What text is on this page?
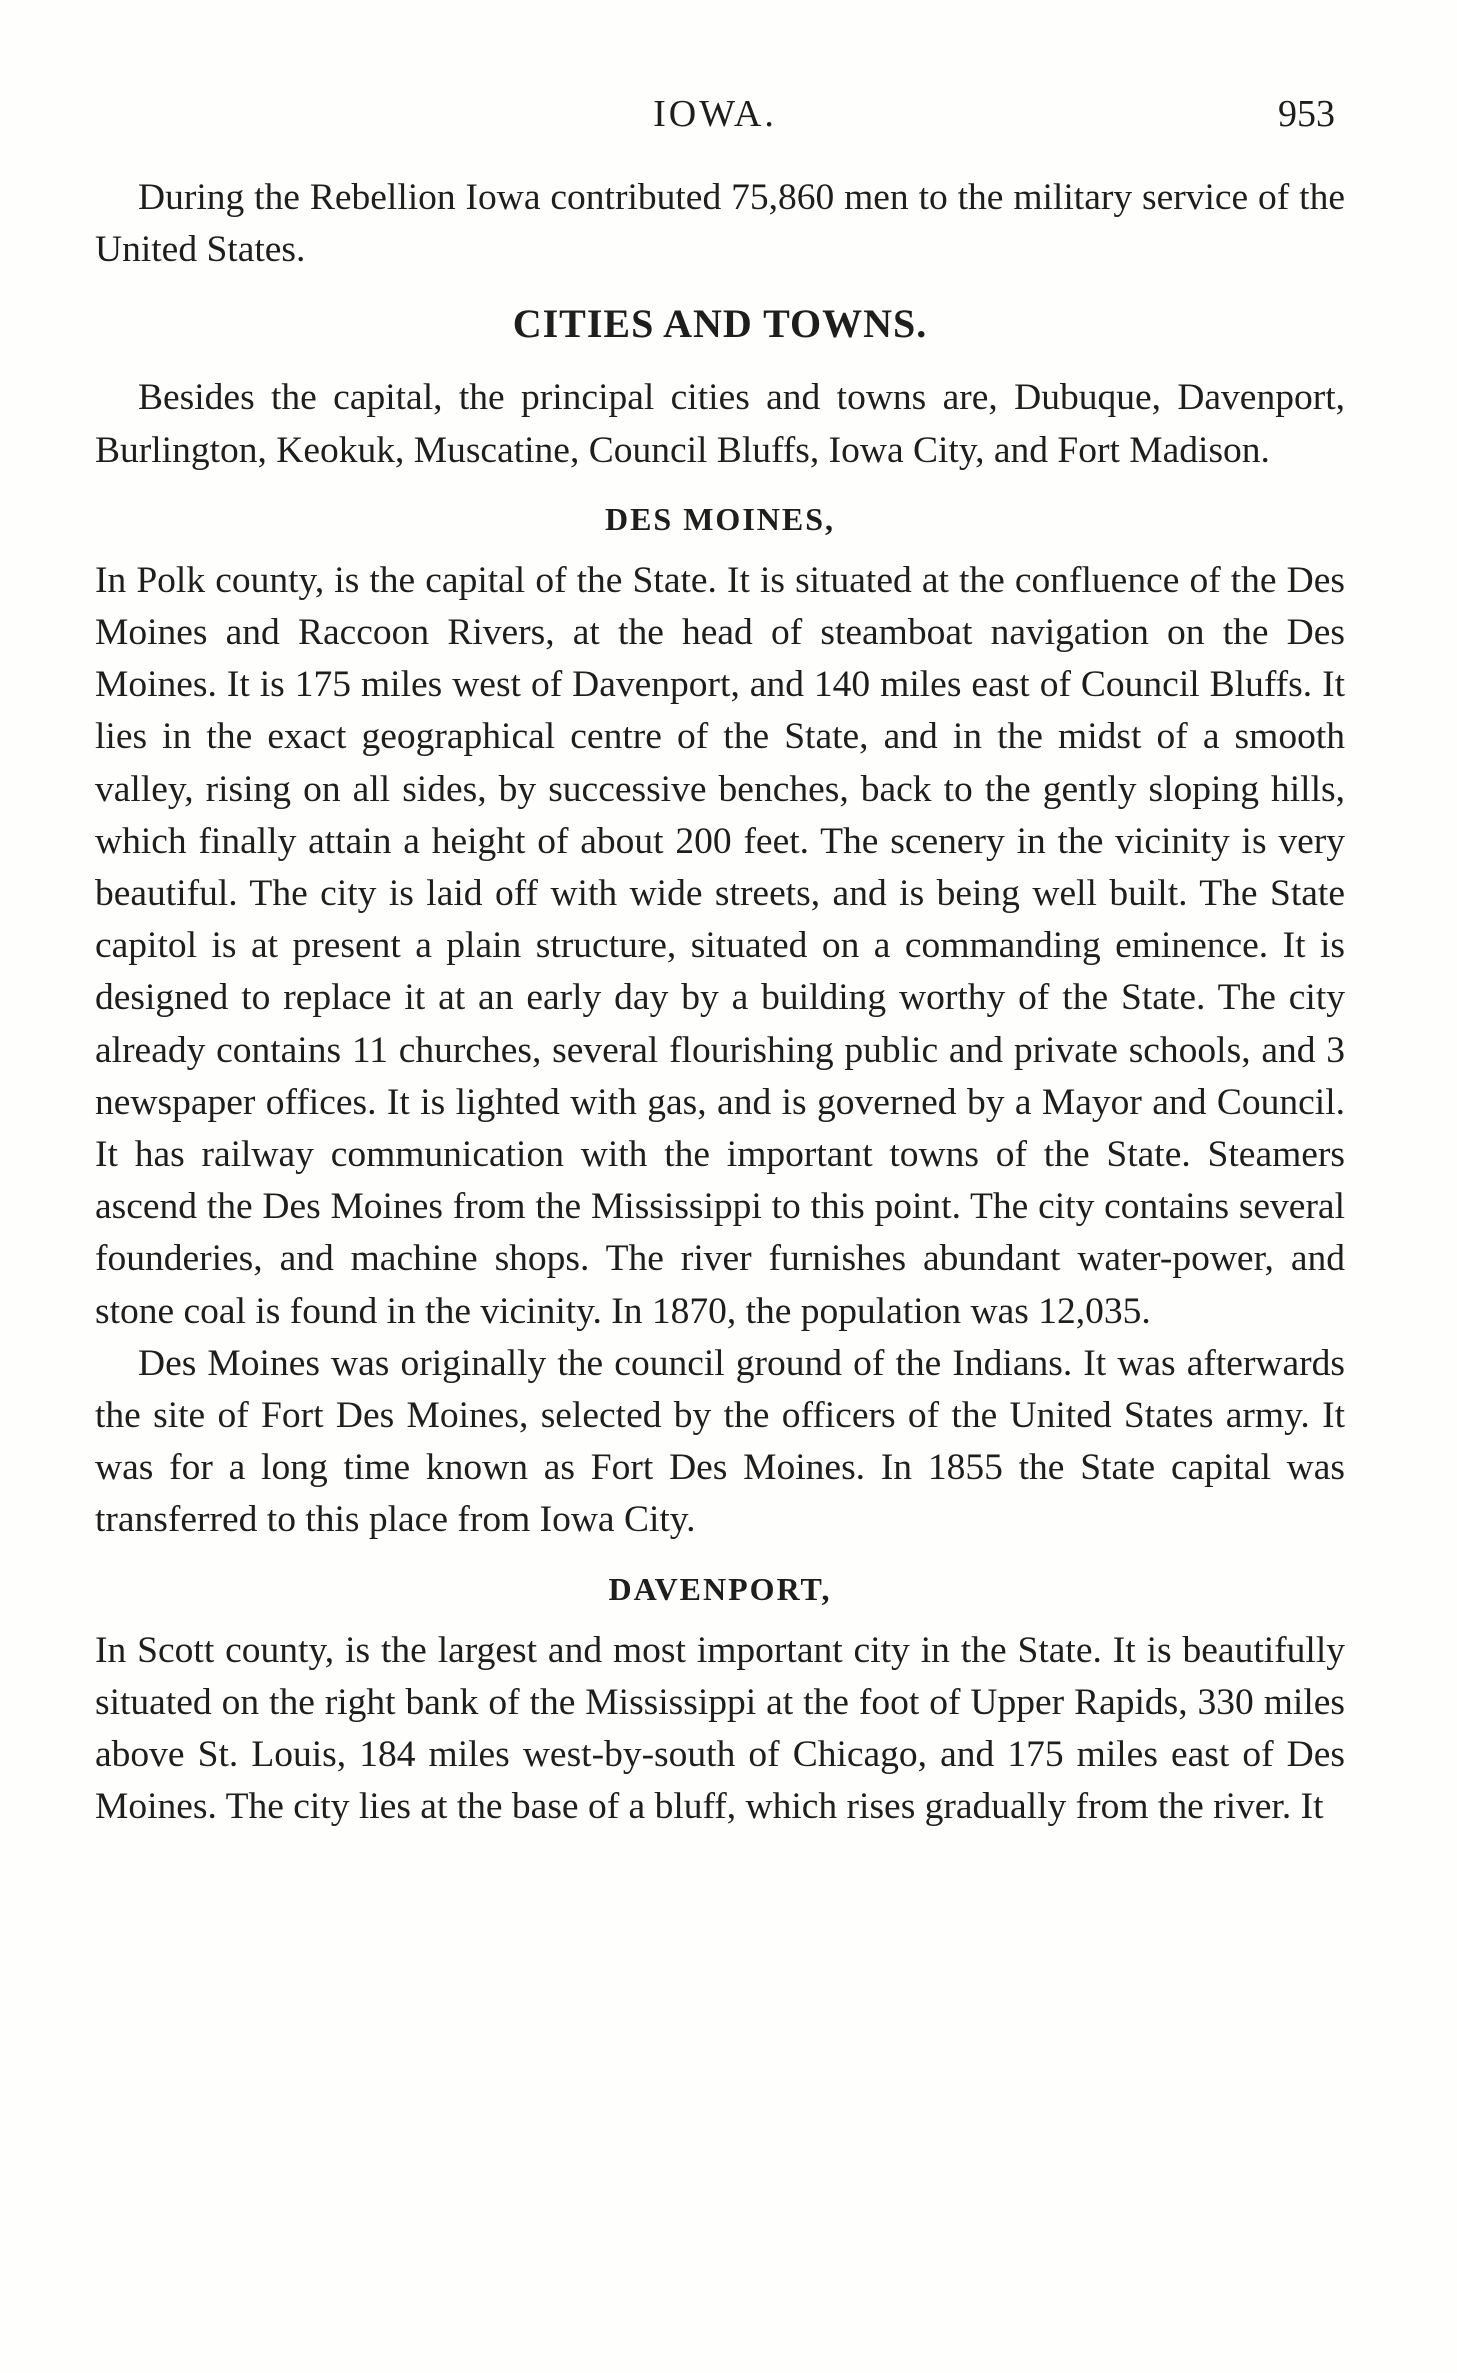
IOWA.	953

During the Rebellion Iowa contributed 75,860 men to the military service of the United States.

CITIES AND TOWNS.

Besides the capital, the principal cities and towns are, Dubuque, Davenport, Burlington, Keokuk, Muscatine, Council Bluffs, Iowa City, and Fort Madison.

DES MOINES,

In Polk county, is the capital of the State. It is situated at the confluence of the Des Moines and Raccoon Rivers, at the head of steamboat navigation on the Des Moines. It is 175 miles west of Davenport, and 140 miles east of Council Bluffs. It lies in the exact geographical centre of the State, and in the midst of a smooth valley, rising on all sides, by successive benches, back to the gently sloping hills, which finally attain a height of about 200 feet. The scenery in the vicinity is very beautiful. The city is laid off with wide streets, and is being well built. The State capitol is at present a plain structure, situated on a commanding eminence. It is designed to replace it at an early day by a building worthy of the State. The city already contains 11 churches, several flourishing public and private schools, and 3 newspaper offices. It is lighted with gas, and is governed by a Mayor and Council. It has railway communication with the important towns of the State. Steamers ascend the Des Moines from the Mississippi to this point. The city contains several founderies, and machine shops. The river furnishes abundant water-power, and stone coal is found in the vicinity. In 1870, the population was 12,035.

Des Moines was originally the council ground of the Indians. It was afterwards the site of Fort Des Moines, selected by the officers of the United States army. It was for a long time known as Fort Des Moines. In 1855 the State capital was transferred to this place from Iowa City.

DAVENPORT,

In Scott county, is the largest and most important city in the State. It is beautifully situated on the right bank of the Mississippi at the foot of Upper Rapids, 330 miles above St. Louis, 184 miles west-by-south of Chicago, and 175 miles east of Des Moines. The city lies at the base of a bluff, which rises gradually from the river. It
